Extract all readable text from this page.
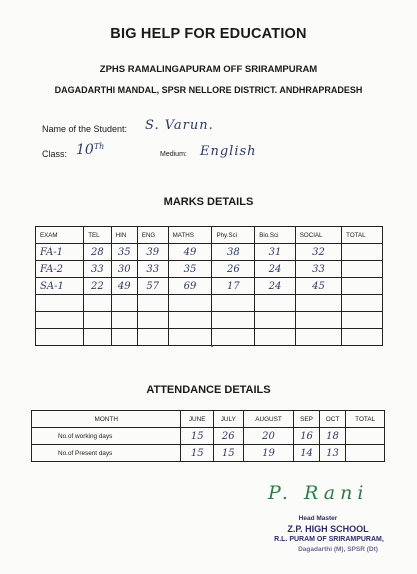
BIG HELP FOR EDUCATION
ZPHS RAMALINGAPURAM OFF SRIRAMPURAM
DAGADARTHI MANDAL, SPSR NELLORE DISTRICT. ANDHRAPRADESH
Name of the Student: S. Varun.
Class: 10Th
Medium: English
MARKS DETAILS
EXAM	TEL	HIN	ENG	MATHS	Phy.Sci	Bio.Sci	SOCIAL	TOTAL
FA-1	28	35	39	49	38	31	32	
FA-2	33	30	33	35	26	24	33	
SA-1	22	49	57	69	17	24	45	

ATTENDANCE DETAILS
MONTH	JUNE	JULY	AUGUST	SEP	OCT	TOTAL
No.of working days	15	26	20	16	18	
No.of Present days	15	15	19	14	13	
P. Rani
Head Master
Z.P. HIGH SCHOOL
R.L. PURAM OF SRIRAMPURAM,
Dagadarthi (M), SPSR (Dt)
